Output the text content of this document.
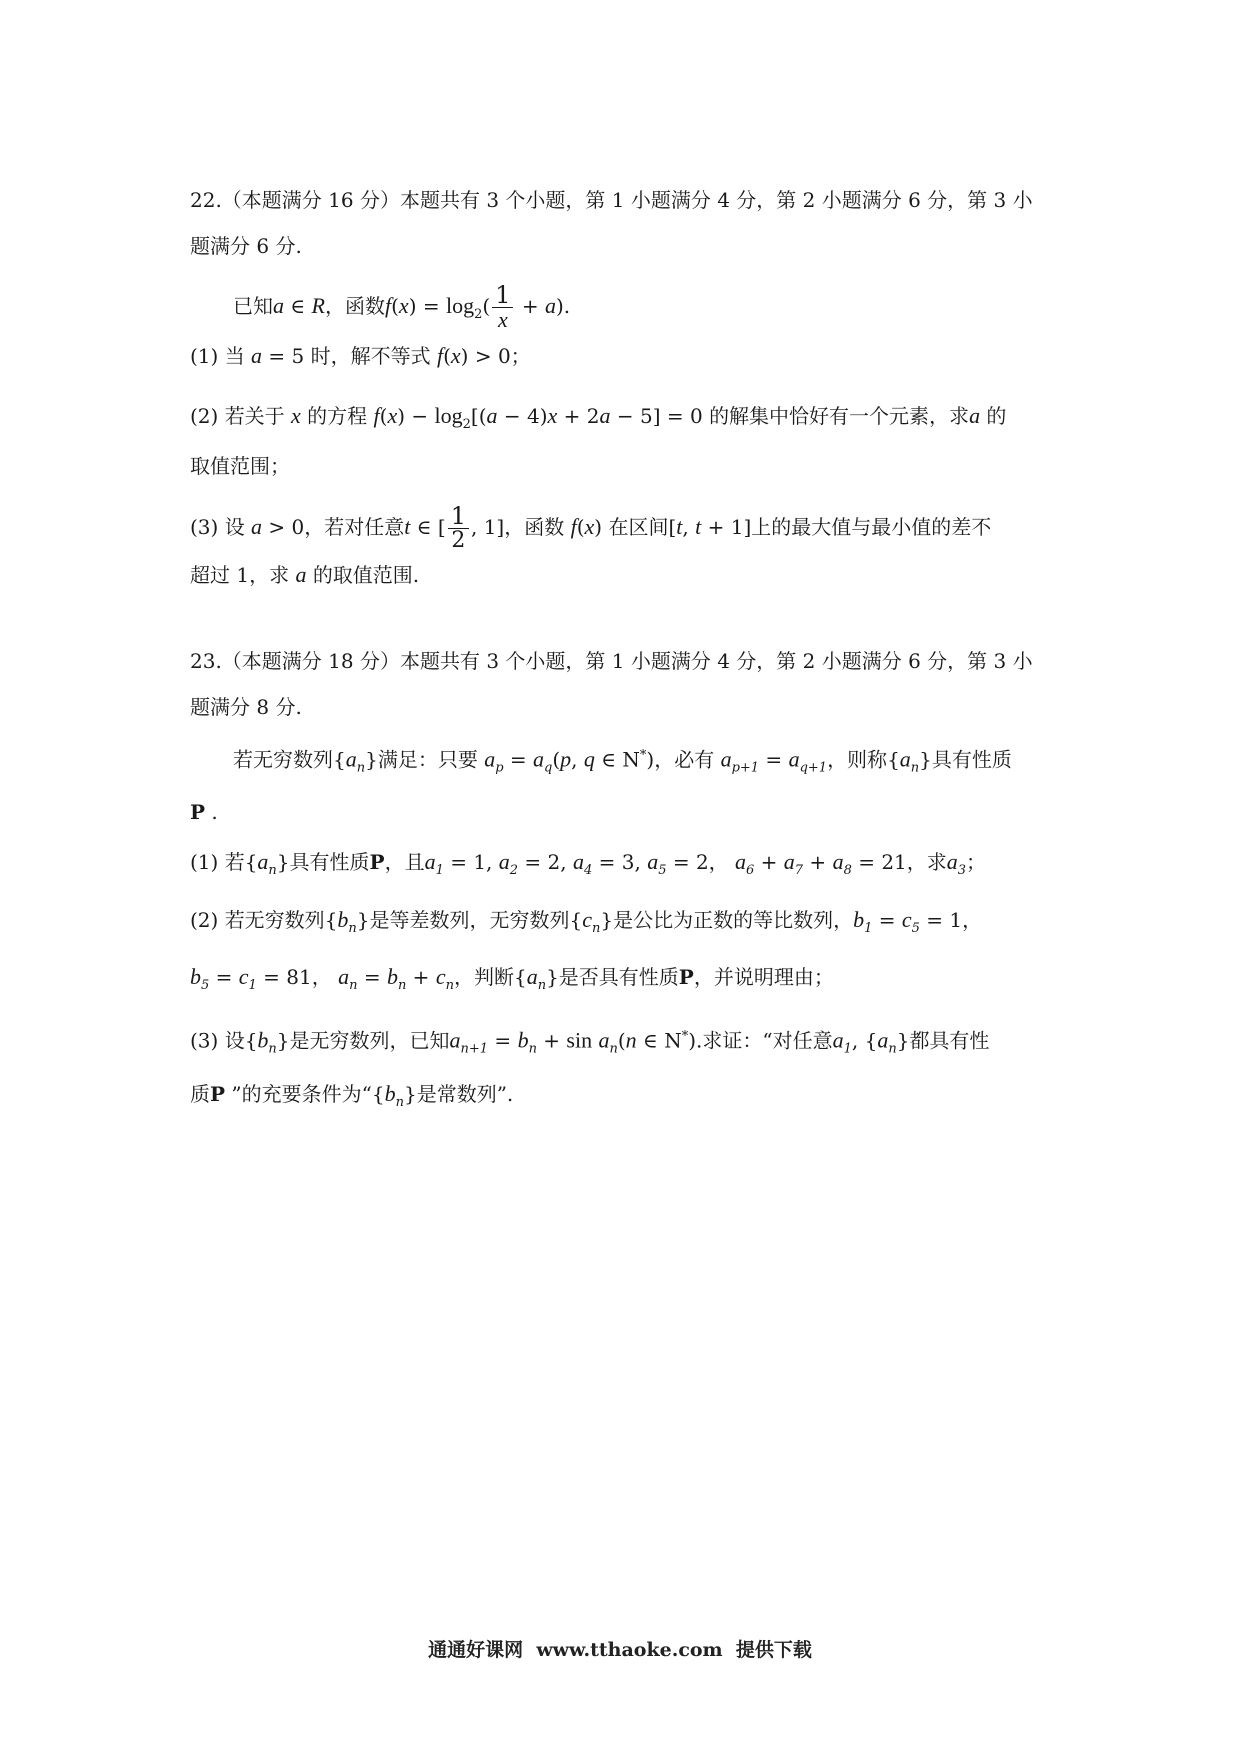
22.（本题满分 16 分）本题共有 3 个小题，第 1 小题满分 4 分，第 2 小题满分 6 分，第 3 小
题满分 6 分.
已知a ∈ R，函数$f(x) = \log_2( \frac{1}{x} + a)$.
(1) 当 a = 5 时，解不等式 f(x) > 0；
(2) 若关于 x 的方程 $f(x) - \log_2[(a - 4)x + 2a - 5] = 0$ 的解集中恰好有一个元素，求a 的
取值范围；
(3) 设 a > 0，若对任意t ∈ [ $\frac{1}{2}$ , 1]，函数 f(x) 在区间[t, t + 1]上的最大值与最小值的差不
超过 1，求 a 的取值范围.
23.（本题满分 18 分）本题共有 3 个小题，第 1 小题满分 4 分，第 2 小题满分 6 分，第 3 小
题满分 8 分.
若无穷数列$\{a_n\}$满足：只要 $a_p = a_q(p$, q ∈ N*)，必有 $a_{p+1} = a_{q+1}$，则称$\{a_n\}$具有性质
P .
(1) 若$\{a_n\}$具有性质P，且$a_1 = 1$, $a_2 = 2$, $a_4 = 3$, $a_5 = 2$， $a_6 + a_7 + a_8 = 21$，求$a_3$；
(2) 若无穷数列$\{b_n\}$是等差数列，无穷数列$\{c_n\}$是公比为正数的等比数列，$b_1 = c_5 = 1$，
$b_5 = c_1 = 81$， $a_n = b_n + c_n$，判断$\{a_n\}$是否具有性质P，并说明理由；
(3) 设$\{b_n\}$是无穷数列，已知$a_{n+1} = b_n + \sin a_n(n$ ∈ N*).求证：“对任意$a_1$, $\{a_n\}$都具有性
质P ”的充要条件为“$\{b_n\}$是常数列”.
通通好课网 www.tthaoke.com 提供下载
